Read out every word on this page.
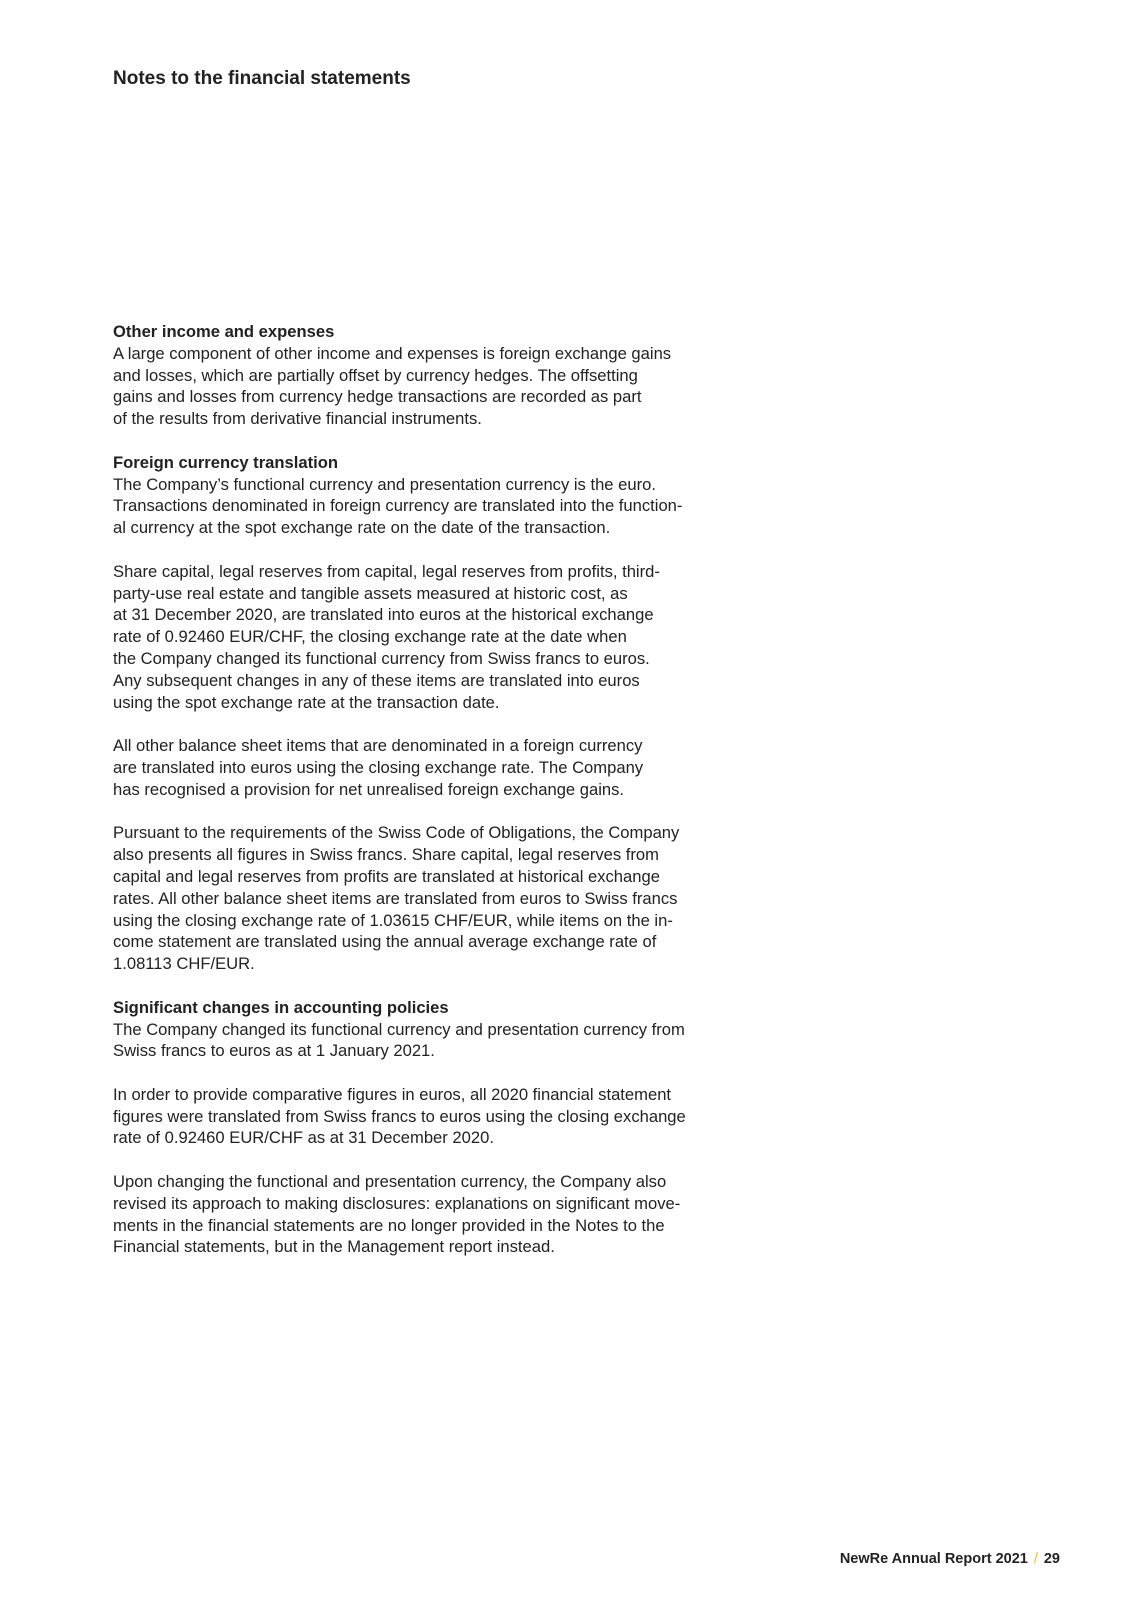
Notes to the financial statements
Other income and expenses

A large component of other income and expenses is foreign exchange gains
and losses, which are partially offset by currency hedges. The offsetting
gains and losses from currency hedge transactions are recorded as part
of the results from derivative financial instruments.

Foreign currency translation

The Company’s functional currency and presentation currency is the euro.
Transactions denominated in foreign currency are translated into the function-
al currency at the spot exchange rate on the date of the transaction.

Share capital, legal reserves from capital, legal reserves from profits, third-
party-use real estate and tangible assets measured at historic cost, as
at 31 December 2020, are translated into euros at the historical exchange
rate of 0.92460 EUR/CHF, the closing exchange rate at the date when
the Company changed its functional currency from Swiss francs to euros.
Any subsequent changes in any of these items are translated into euros
using the spot exchange rate at the transaction date.

All other balance sheet items that are denominated in a foreign currency
are translated into euros using the closing exchange rate. The Company
has recognised a provision for net unrealised foreign exchange gains.

Pursuant to the requirements of the Swiss Code of Obligations, the Company
also presents all figures in Swiss francs. Share capital, legal reserves from
capital and legal reserves from profits are translated at historical exchange
rates. All other balance sheet items are translated from euros to Swiss francs
using the closing exchange rate of 1.03615 CHF/EUR, while items on the in-
come statement are translated using the annual average exchange rate of
1.08113 CHF/EUR.

Significant changes in accounting policies

The Company changed its functional currency and presentation currency from
Swiss francs to euros as at 1 January 2021.

In order to provide comparative figures in euros, all 2020 financial statement
figures were translated from Swiss francs to euros using the closing exchange
rate of 0.92460 EUR/CHF as at 31 December 2020.

Upon changing the functional and presentation currency, the Company also
revised its approach to making disclosures: explanations on significant move-
ments in the financial statements are no longer provided in the Notes to the
Financial statements, but in the Management report instead.

NewRe Annual Report 2021 / 29
